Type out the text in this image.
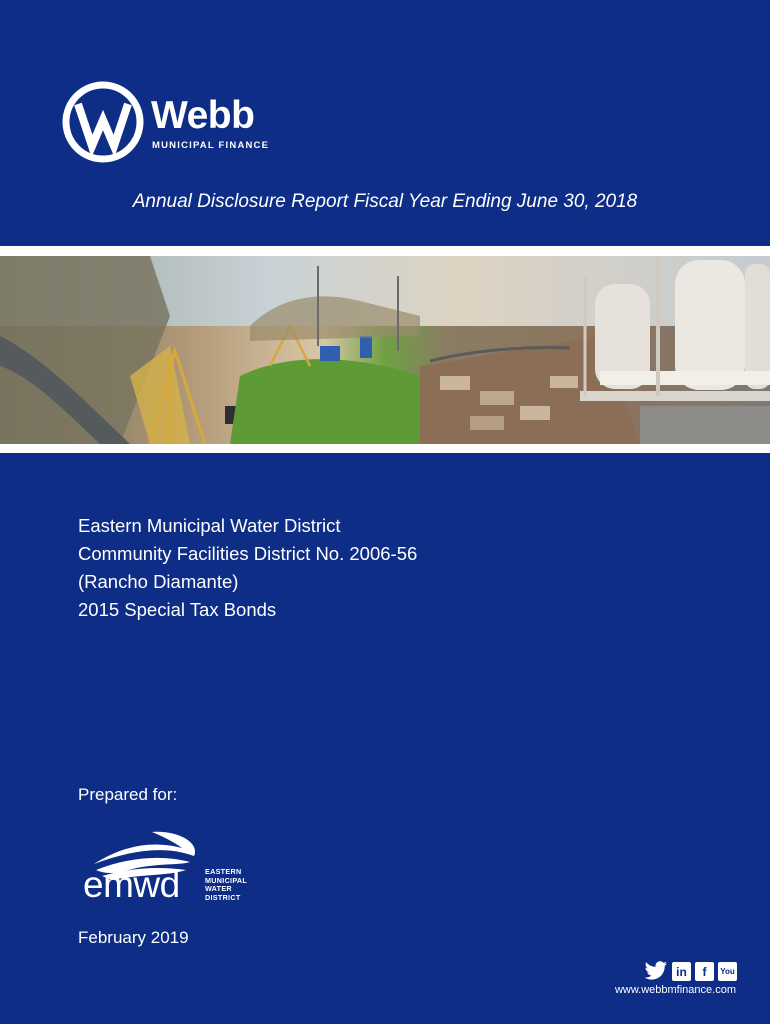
Webb
MUNICIPAL FINANCE
Annual Disclosure Report Fiscal Year Ending June 30, 2018
Eastern Municipal Water District
Community Facilities District No. 2006-56
(Rancho Diamante)
2015 Special Tax Bonds
Prepared for:
emwd	EASTERN
MUNICIPAL
WATER
DISTRICT
February 2019
in	f	You
www.webbmfinance.com
